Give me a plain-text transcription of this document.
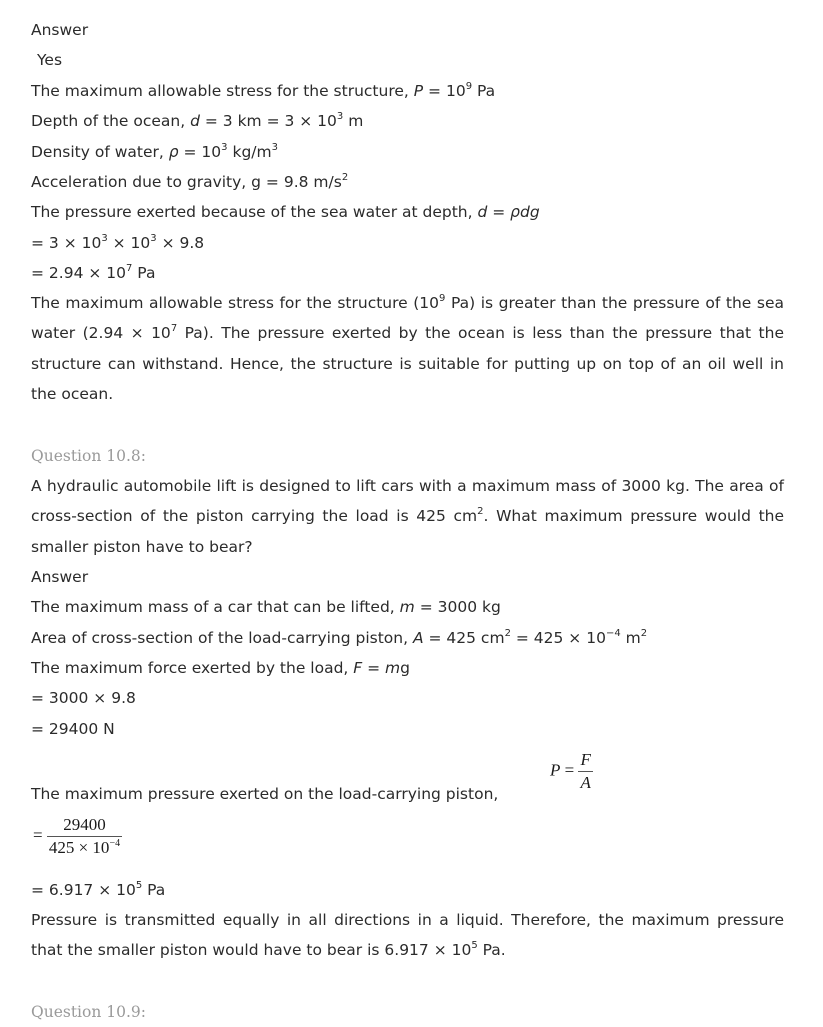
Answer
Yes
The maximum allowable stress for the structure, $P = 10^9$ Pa
Depth of the ocean, d = 3 km = $3 \times 10^3$ m
Density of water, $\rho = 10^3$ $kg/m^3$
Acceleration due to gravity, g = 9.8 $m/s^2$
The pressure exerted because of the sea water at depth, d = ρdg
= $3 \times 10^3 \times 10^3 \times 9.8$
= $2.94 \times 10^7$ Pa
The maximum allowable stress for the structure ($10^9$ Pa) is greater than the pressure of the sea water ($2.94 \times 10^7$ Pa). The pressure exerted by the ocean is less than the pressure that the structure can withstand. Hence, the structure is suitable for putting up on top of an oil well in the ocean.
Question 10.8:
A hydraulic automobile lift is designed to lift cars with a maximum mass of 3000 kg. The area of cross-section of the piston carrying the load is 425 $cm^2$. What maximum pressure would the smaller piston have to bear?
Answer
The maximum mass of a car that can be lifted, m = 3000 kg
Area of cross-section of the load-carrying piston, A = 425 $cm^2 = 425 \times 10^{-4}$ $m^2$
The maximum force exerted by the load, F = mg
= 3000 × 9.8
= 29400 N
The maximum pressure exerted on the load-carrying piston,
$P = \frac{F}{A}$
= $\frac{29400}{425 \times 10^{-4}}$
= $6.917 \times 10^5$ Pa
Pressure is transmitted equally in all directions in a liquid. Therefore, the maximum pressure that the smaller piston would have to bear is $6.917 \times 10^5$ Pa.
Question 10.9:
